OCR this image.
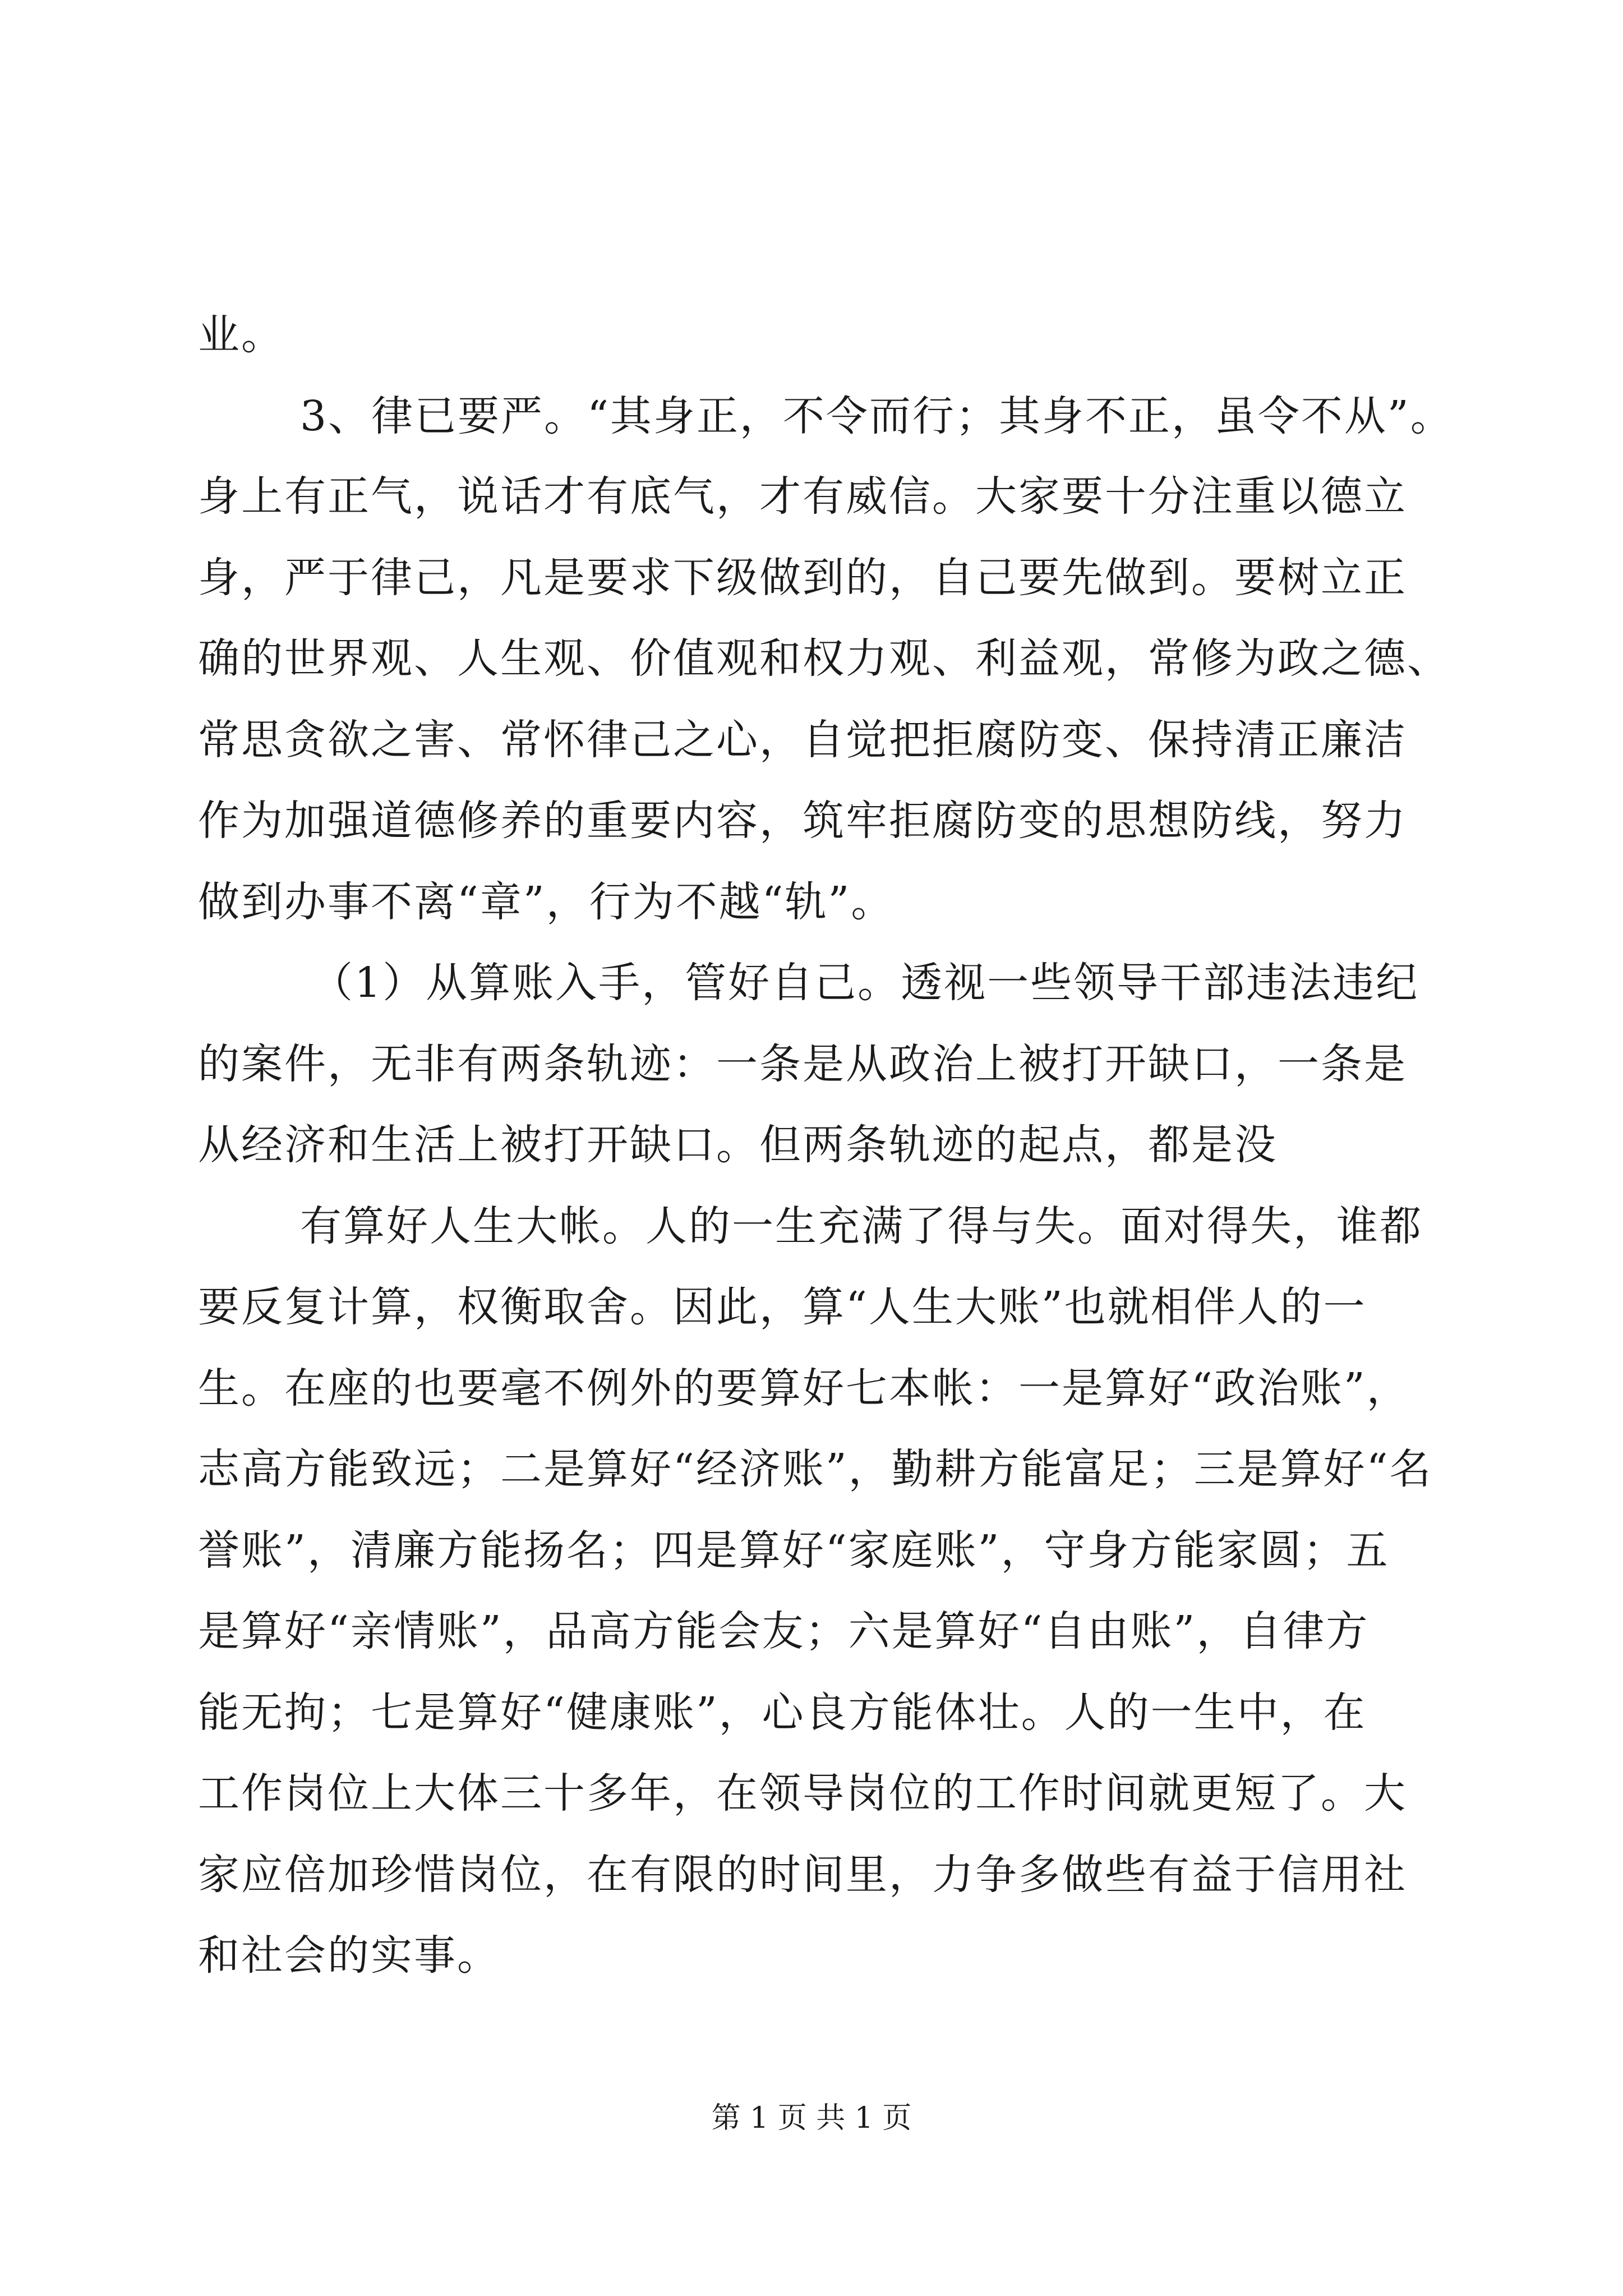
业。
3、律已要严。“其身正，不令而行；其身不正，虽令不从”。
身上有正气，说话才有底气，才有威信。大家要十分注重以德立
身，严于律己，凡是要求下级做到的，自己要先做到。要树立正
确的世界观、人生观、价值观和权力观、利益观，常修为政之德、
常思贪欲之害、常怀律己之心，自觉把拒腐防变、保持清正廉洁
作为加强道德修养的重要内容，筑牢拒腐防变的思想防线，努力
做到办事不离“章”，行为不越“轨”。
（1）从算账入手，管好自己。透视一些领导干部违法违纪
的案件，无非有两条轨迹：一条是从政治上被打开缺口，一条是
从经济和生活上被打开缺口。但两条轨迹的起点，都是没
有算好人生大帐。人的一生充满了得与失。面对得失，谁都
要反复计算，权衡取舍。因此，算“人生大账”也就相伴人的一
生。在座的也要毫不例外的要算好七本帐：一是算好“政治账”，
志高方能致远；二是算好“经济账”，勤耕方能富足；三是算好“名
誉账”，清廉方能扬名；四是算好“家庭账”，守身方能家圆；五
是算好“亲情账”，品高方能会友；六是算好“自由账”，自律方
能无拘；七是算好“健康账”，心良方能体壮。人的一生中，在
工作岗位上大体三十多年，在领导岗位的工作时间就更短了。大
家应倍加珍惜岗位，在有限的时间里，力争多做些有益于信用社
和社会的实事。
第 1 页 共 1 页
